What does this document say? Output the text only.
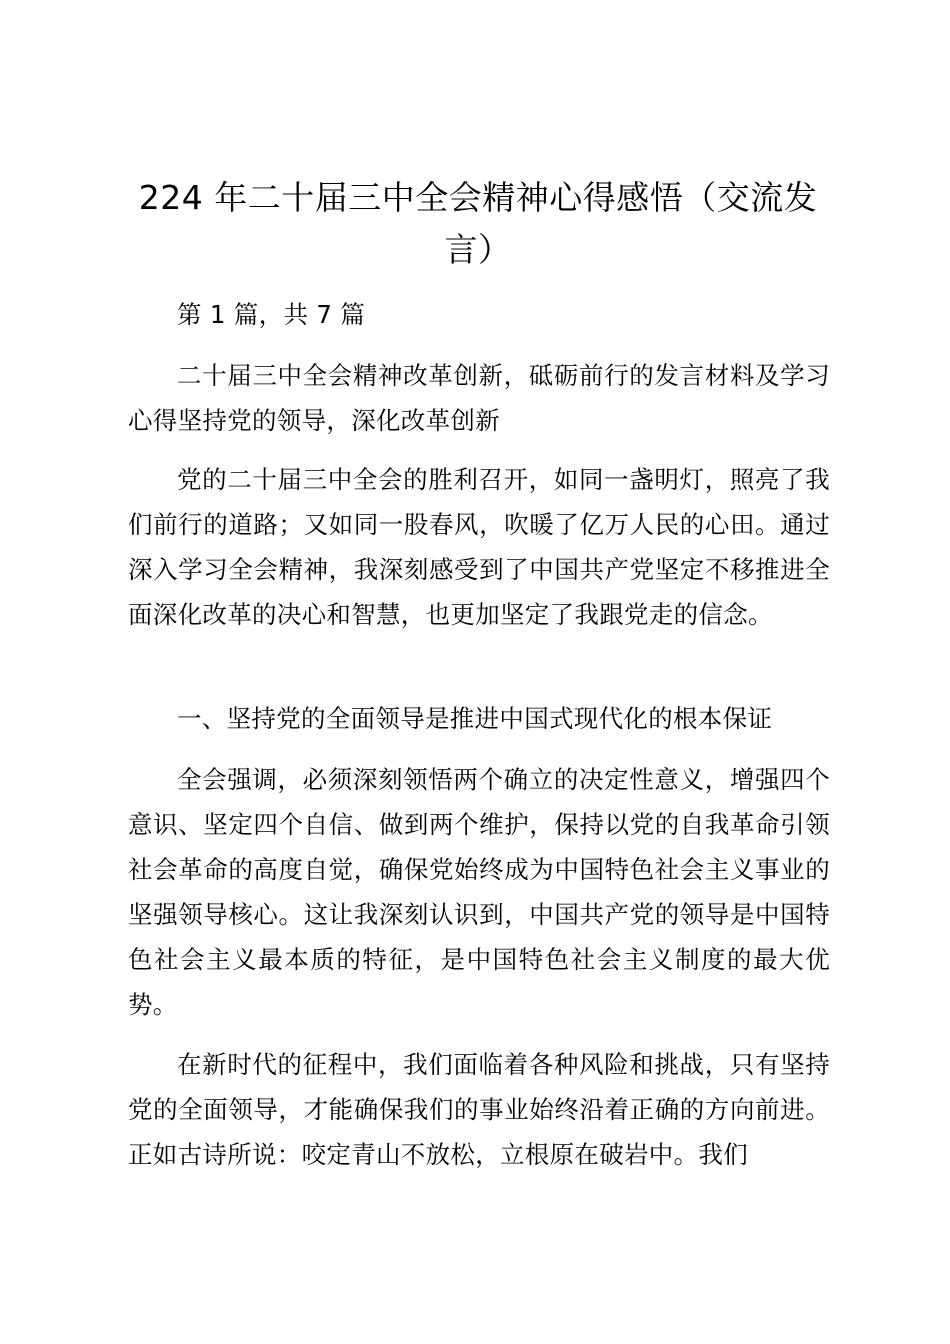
224 年二十届三中全会精神心得感悟（交流发言）

第 1 篇，共 7 篇

二十届三中全会精神改革创新，砥砺前行的发言材料及学习心得坚持党的领导，深化改革创新

党的二十届三中全会的胜利召开，如同一盏明灯，照亮了我们前行的道路；又如同一股春风，吹暖了亿万人民的心田。通过深入学习全会精神，我深刻感受到了中国共产党坚定不移推进全面深化改革的决心和智慧，也更加坚定了我跟党走的信念。

一、坚持党的全面领导是推进中国式现代化的根本保证

全会强调，必须深刻领悟两个确立的决定性意义，增强四个意识、坚定四个自信、做到两个维护，保持以党的自我革命引领社会革命的高度自觉，确保党始终成为中国特色社会主义事业的坚强领导核心。这让我深刻认识到，中国共产党的领导是中国特色社会主义最本质的特征，是中国特色社会主义制度的最大优势。

在新时代的征程中，我们面临着各种风险和挑战，只有坚持党的全面领导，才能确保我们的事业始终沿着正确的方向前进。正如古诗所说：咬定青山不放松，立根原在破岩中。我们
